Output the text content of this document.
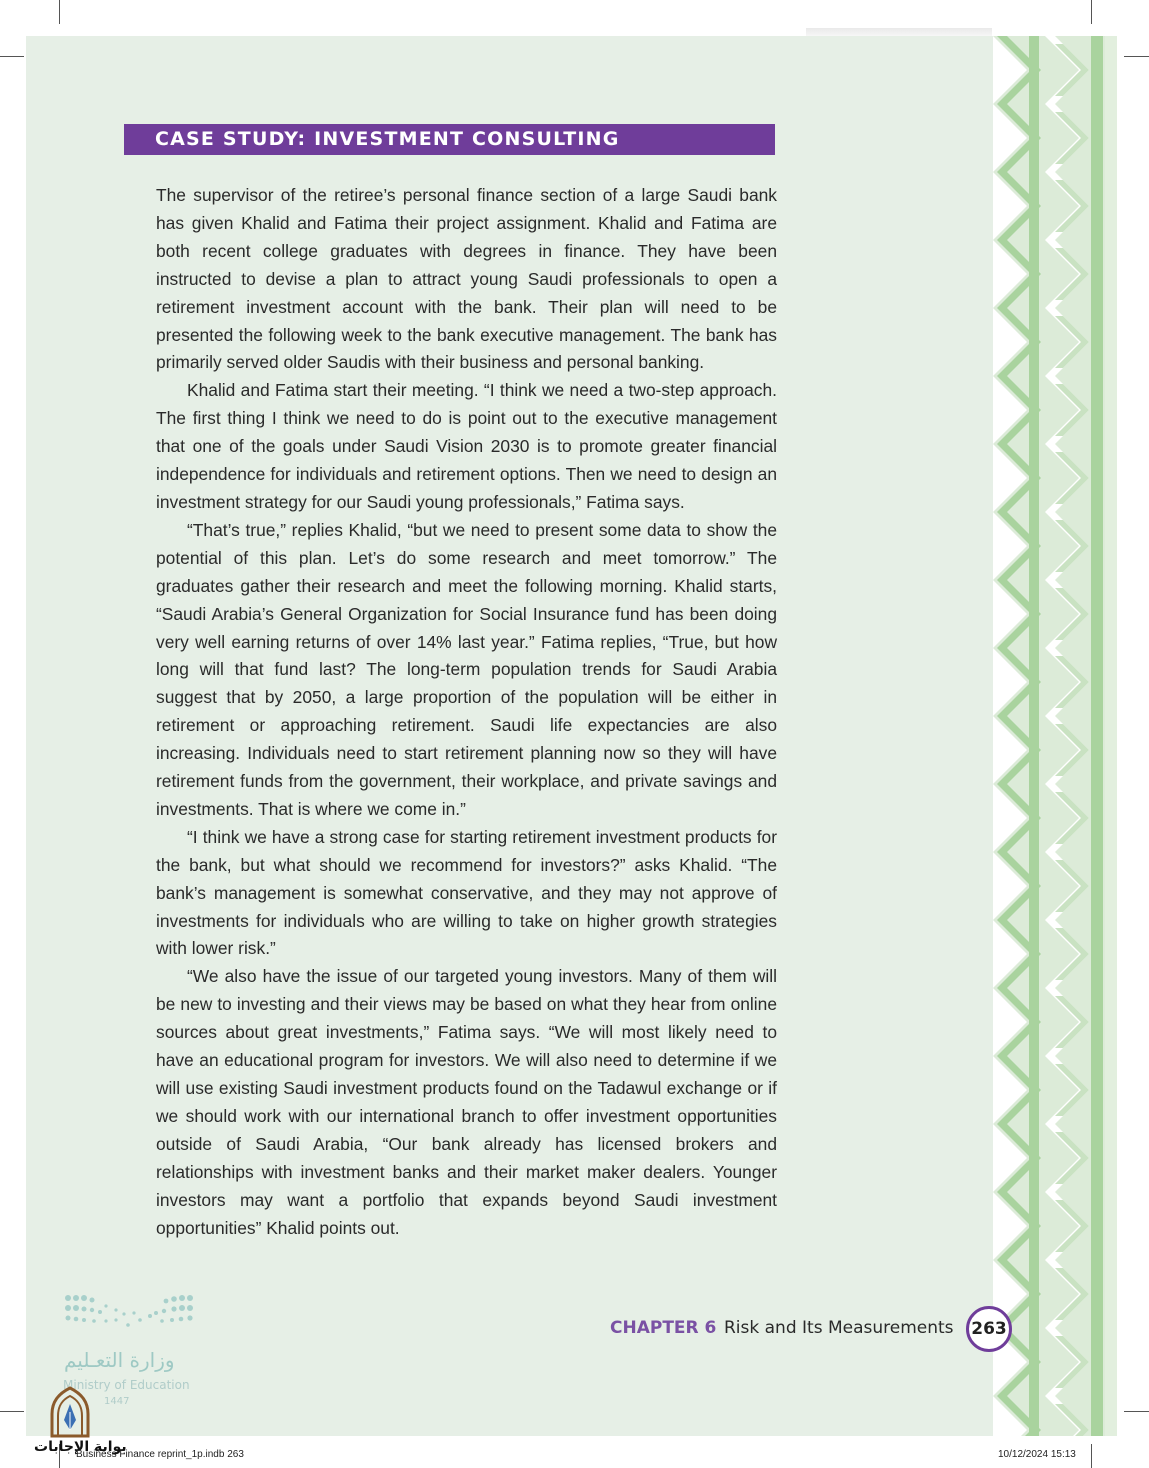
CASE STUDY: INVESTMENT CONSULTING

The supervisor of the retiree’s personal finance section of a large Saudi bank has given Khalid and Fatima their project assignment. Khalid and Fatima are both recent college graduates with degrees in finance. They have been instructed to devise a plan to attract young Saudi professionals to open a retirement investment account with the bank. Their plan will need to be presented the following week to the bank executive management. The bank has primarily served older Saudis with their business and personal banking.

Khalid and Fatima start their meeting. “I think we need a two-step approach. The first thing I think we need to do is point out to the executive management that one of the goals under Saudi Vision 2030 is to promote greater financial independence for individuals and retirement options. Then we need to design an investment strategy for our Saudi young professionals,” Fatima says.

“That’s true,” replies Khalid, “but we need to present some data to show the potential of this plan. Let’s do some research and meet tomorrow.” The graduates gather their research and meet the following morning. Khalid starts, “Saudi Arabia’s General Organization for Social Insurance fund has been doing very well earning returns of over 14% last year.” Fatima replies, “True, but how long will that fund last? The long-term population trends for Saudi Arabia suggest that by 2050, a large proportion of the population will be either in retirement or approaching retirement. Saudi life expectancies are also increasing. Individuals need to start retirement planning now so they will have retirement funds from the government, their workplace, and private savings and investments. That is where we come in.”

“I think we have a strong case for starting retirement investment products for the bank, but what should we recommend for investors?” asks Khalid. “The bank’s management is somewhat conservative, and they may not approve of investments for individuals who are willing to take on higher growth strategies with lower risk.”

“We also have the issue of our targeted young investors. Many of them will be new to investing and their views may be based on what they hear from online sources about great investments,” Fatima says. “We will most likely need to have an educational program for investors. We will also need to determine if we will use existing Saudi investment products found on the Tadawul exchange or if we should work with our international branch to offer investment opportunities outside of Saudi Arabia, “Our bank already has licensed brokers and relationships with investment banks and their market maker dealers. Younger investors may want a portfolio that expands beyond Saudi investment opportunities” Khalid points out.

CHAPTER 6 Risk and Its Measurements	263
وزارة التعـليم
Ministry of Education
1447
بوابة الإجابات
Business Finance reprint_1p.indb 263	10/12/2024 15:13
